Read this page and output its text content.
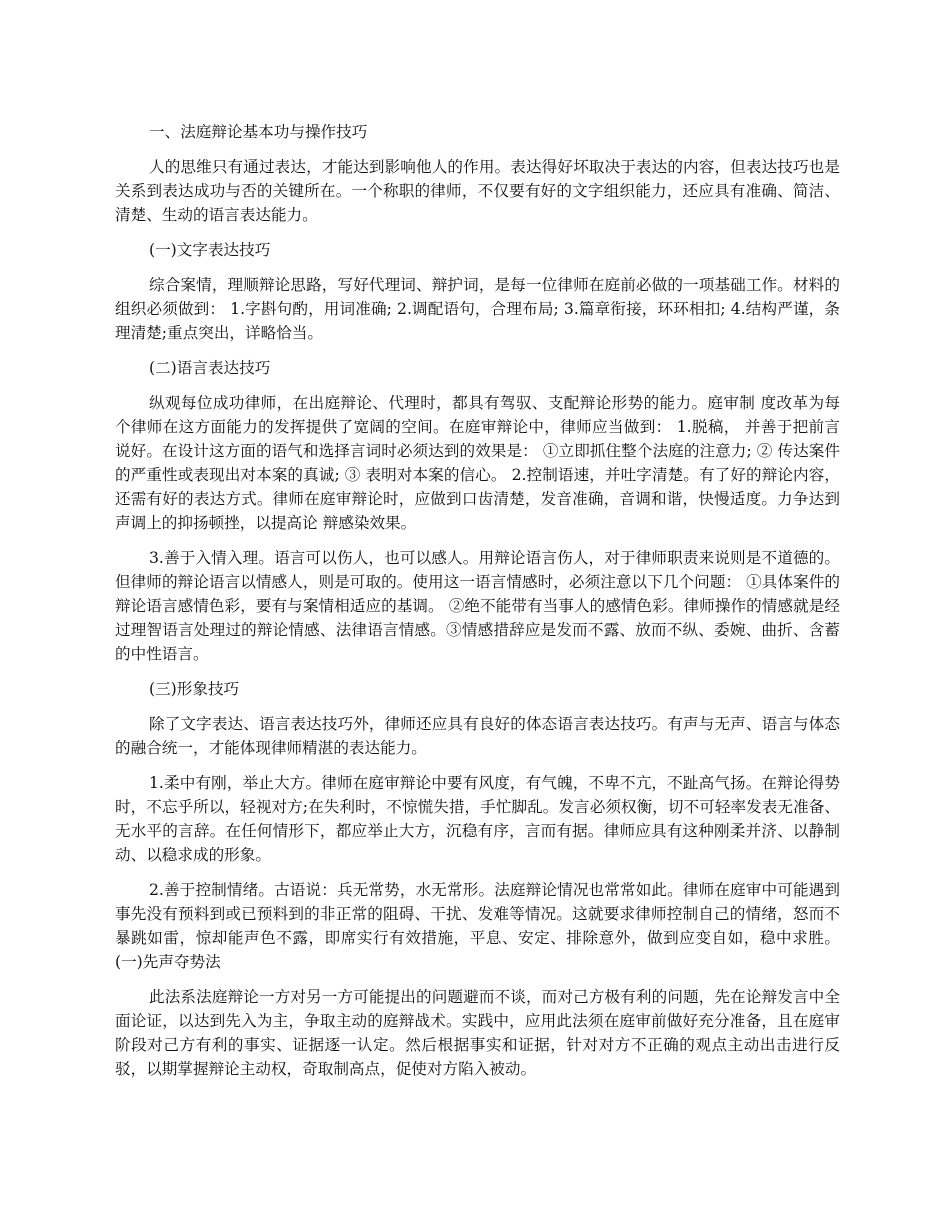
一、法庭辩论基本功与操作技巧

人的思维只有通过表达，才能达到影响他人的作用。表达得好坏取决于表达的内容，但表达技巧也是关系到表达成功与否的关键所在。一个称职的律师，不仅要有好的文字组织能力，还应具有准确、简洁、清楚、生动的语言表达能力。

(一)文字表达技巧

综合案情，理顺辩论思路，写好代理词、辩护词，是每一位律师在庭前必做的一项基础工作。材料的组织必须做到： 1.字斟句酌，用词准确; 2.调配语句，合理布局; 3.篇章衔接，环环相扣; 4.结构严谨，条理清楚;重点突出，详略恰当。

(二)语言表达技巧

纵观每位成功律师，在出庭辩论、代理时，都具有驾驭、支配辩论形势的能力。庭审制 度改革为每个律师在这方面能力的发挥提供了宽阔的空间。在庭审辩论中，律师应当做到： 1.脱稿， 并善于把前言说好。在设计这方面的语气和选择言词时必须达到的效果是： ①立即抓住整个法庭的注意力; ② 传达案件的严重性或表现出对本案的真诚; ③ 表明对本案的信心。 2.控制语速，并吐字清楚。有了好的辩论内容，还需有好的表达方式。律师在庭审辩论时，应做到口齿清楚，发音准确，音调和谐，快慢适度。力争达到声调上的抑扬顿挫，以提高论 辩感染效果。

3.善于入情入理。语言可以伤人，也可以感人。用辩论语言伤人，对于律师职责来说则是不道德的。但律师的辩论语言以情感人，则是可取的。使用这一语言情感时，必须注意以下几个问题： ①具体案件的辩论语言感情色彩，要有与案情相适应的基调。 ②绝不能带有当事人的感情色彩。律师操作的情感就是经过理智语言处理过的辩论情感、法律语言情感。③情感措辞应是发而不露、放而不纵、委婉、曲折、含蓄的中性语言。

(三)形象技巧

除了文字表达、语言表达技巧外，律师还应具有良好的体态语言表达技巧。有声与无声、语言与体态的融合统一，才能体现律师精湛的表达能力。

1.柔中有刚，举止大方。律师在庭审辩论中要有风度，有气魄，不卑不亢，不趾高气扬。在辩论得势时，不忘乎所以，轻视对方;在失利时，不惊慌失措，手忙脚乱。发言必须权衡，切不可轻率发表无准备、无水平的言辞。在任何情形下，都应举止大方，沉稳有序，言而有据。律师应具有这种刚柔并济、以静制动、以稳求成的形象。

2.善于控制情绪。古语说：兵无常势，水无常形。法庭辩论情况也常常如此。律师在庭审中可能遇到事先没有预料到或已预料到的非正常的阻碍、干扰、发难等情况。这就要求律师控制自己的情绪，怒而不暴跳如雷，惊却能声色不露，即席实行有效措施，平息、安定、排除意外，做到应变自如，稳中求胜。 (一)先声夺势法

此法系法庭辩论一方对另一方可能提出的问题避而不谈，而对己方极有利的问题，先在论辩发言中全面论证，以达到先入为主，争取主动的庭辩战术。实践中，应用此法须在庭审前做好充分准备，且在庭审阶段对己方有利的事实、证据逐一认定。然后根据事实和证据，针对对方不正确的观点主动出击进行反驳，以期掌握辩论主动权，奇取制高点，促使对方陷入被动。
